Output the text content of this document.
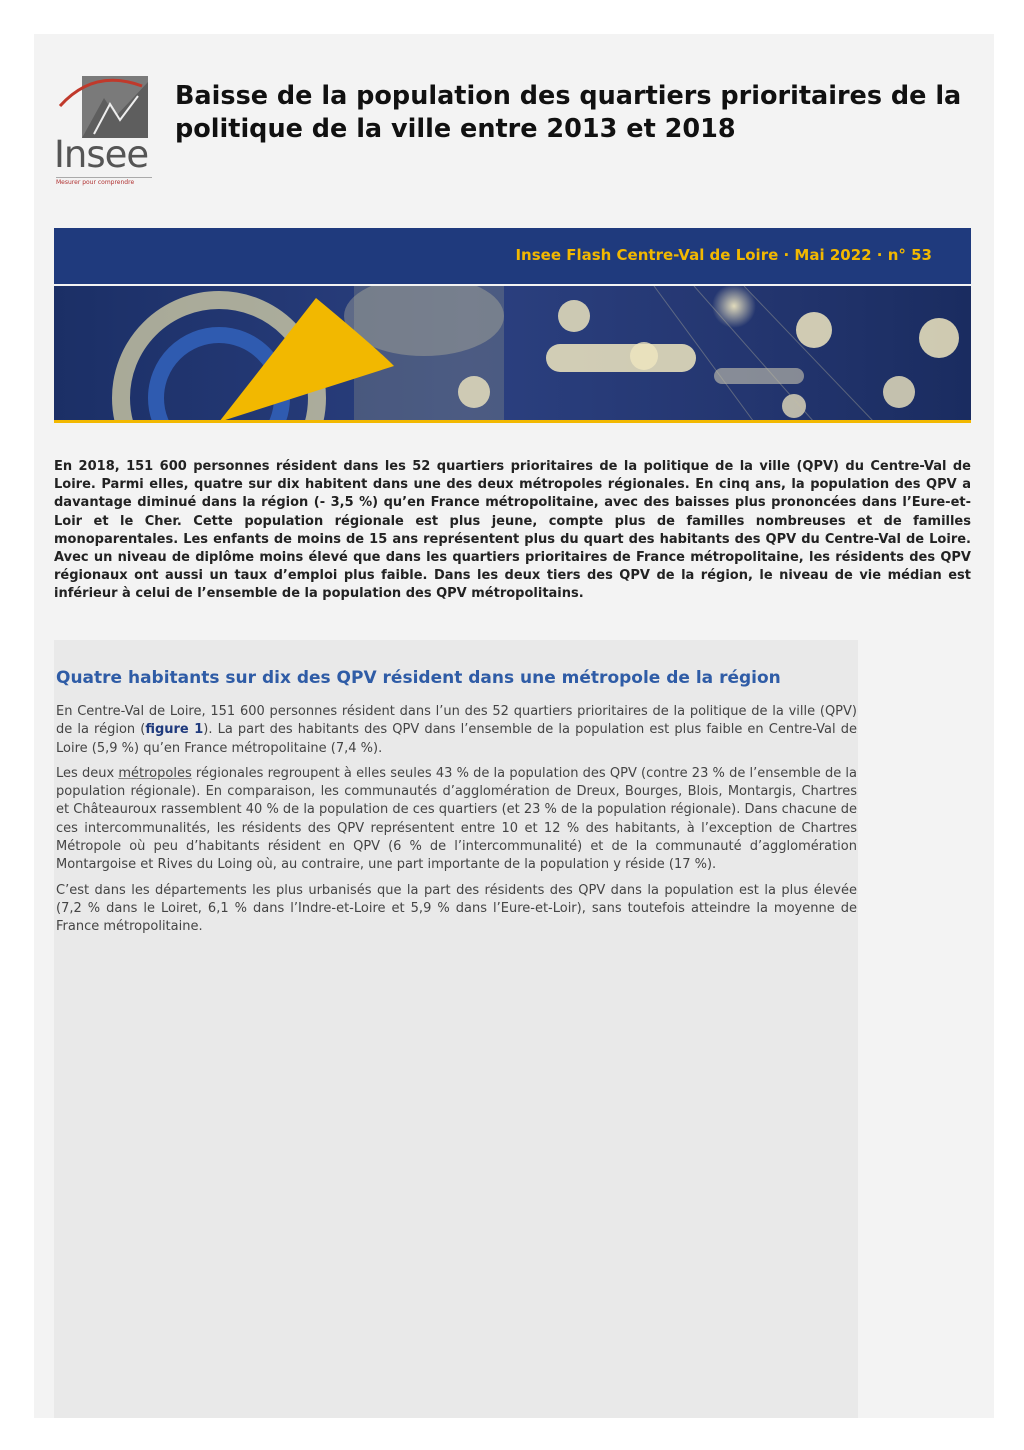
Insee
Mesurer pour comprendre
Baisse de la population des quartiers prioritaires de la politique de la ville entre 2013 et 2018
Insee Flash Centre-Val de Loire · Mai 2022 · n° 53

En 2018, 151 600 personnes résident dans les 52 quartiers prioritaires de la politique de la ville (QPV) du Centre-Val de Loire. Parmi elles, quatre sur dix habitent dans une des deux métropoles régionales. En cinq ans, la population des QPV a davantage diminué dans la région (- 3,5 %) qu’en France métropolitaine, avec des baisses plus prononcées dans l’Eure-et-Loir et le Cher. Cette population régionale est plus jeune, compte plus de familles nombreuses et de familles monoparentales. Les enfants de moins de 15 ans représentent plus du quart des habitants des QPV du Centre-Val de Loire. Avec un niveau de diplôme moins élevé que dans les quartiers prioritaires de France métropolitaine, les résidents des QPV régionaux ont aussi un taux d’emploi plus faible. Dans les deux tiers des QPV de la région, le niveau de vie médian est inférieur à celui de l’ensemble de la population des QPV métropolitains.

Quatre habitants sur dix des QPV résident dans une métropole de la région

En Centre-Val de Loire, 151 600 personnes résident dans l’un des 52 quartiers prioritaires de la politique de la ville (QPV) de la région (figure 1). La part des habitants des QPV dans l’ensemble de la population est plus faible en Centre-Val de Loire (5,9 %) qu’en France métropolitaine (7,4 %).

Les deux métropoles régionales regroupent à elles seules 43 % de la population des QPV (contre 23 % de l’ensemble de la population régionale). En comparaison, les communautés d’agglomération de Dreux, Bourges, Blois, Montargis, Chartres et Châteauroux rassemblent 40 % de la population de ces quartiers (et 23 % de la population régionale). Dans chacune de ces intercommunalités, les résidents des QPV représentent entre 10 et 12 % des habitants, à l’exception de Chartres Métropole où peu d’habitants résident en QPV (6 % de l’intercommunalité) et de la communauté d’agglomération Montargoise et Rives du Loing où, au contraire, une part importante de la population y réside (17 %).

C’est dans les départements les plus urbanisés que la part des résidents des QPV dans la population est la plus élevée (7,2 % dans le Loiret, 6,1 % dans l’Indre-et-Loire et 5,9 % dans l’Eure-et-Loir), sans toutefois atteindre la moyenne de France métropolitaine.
